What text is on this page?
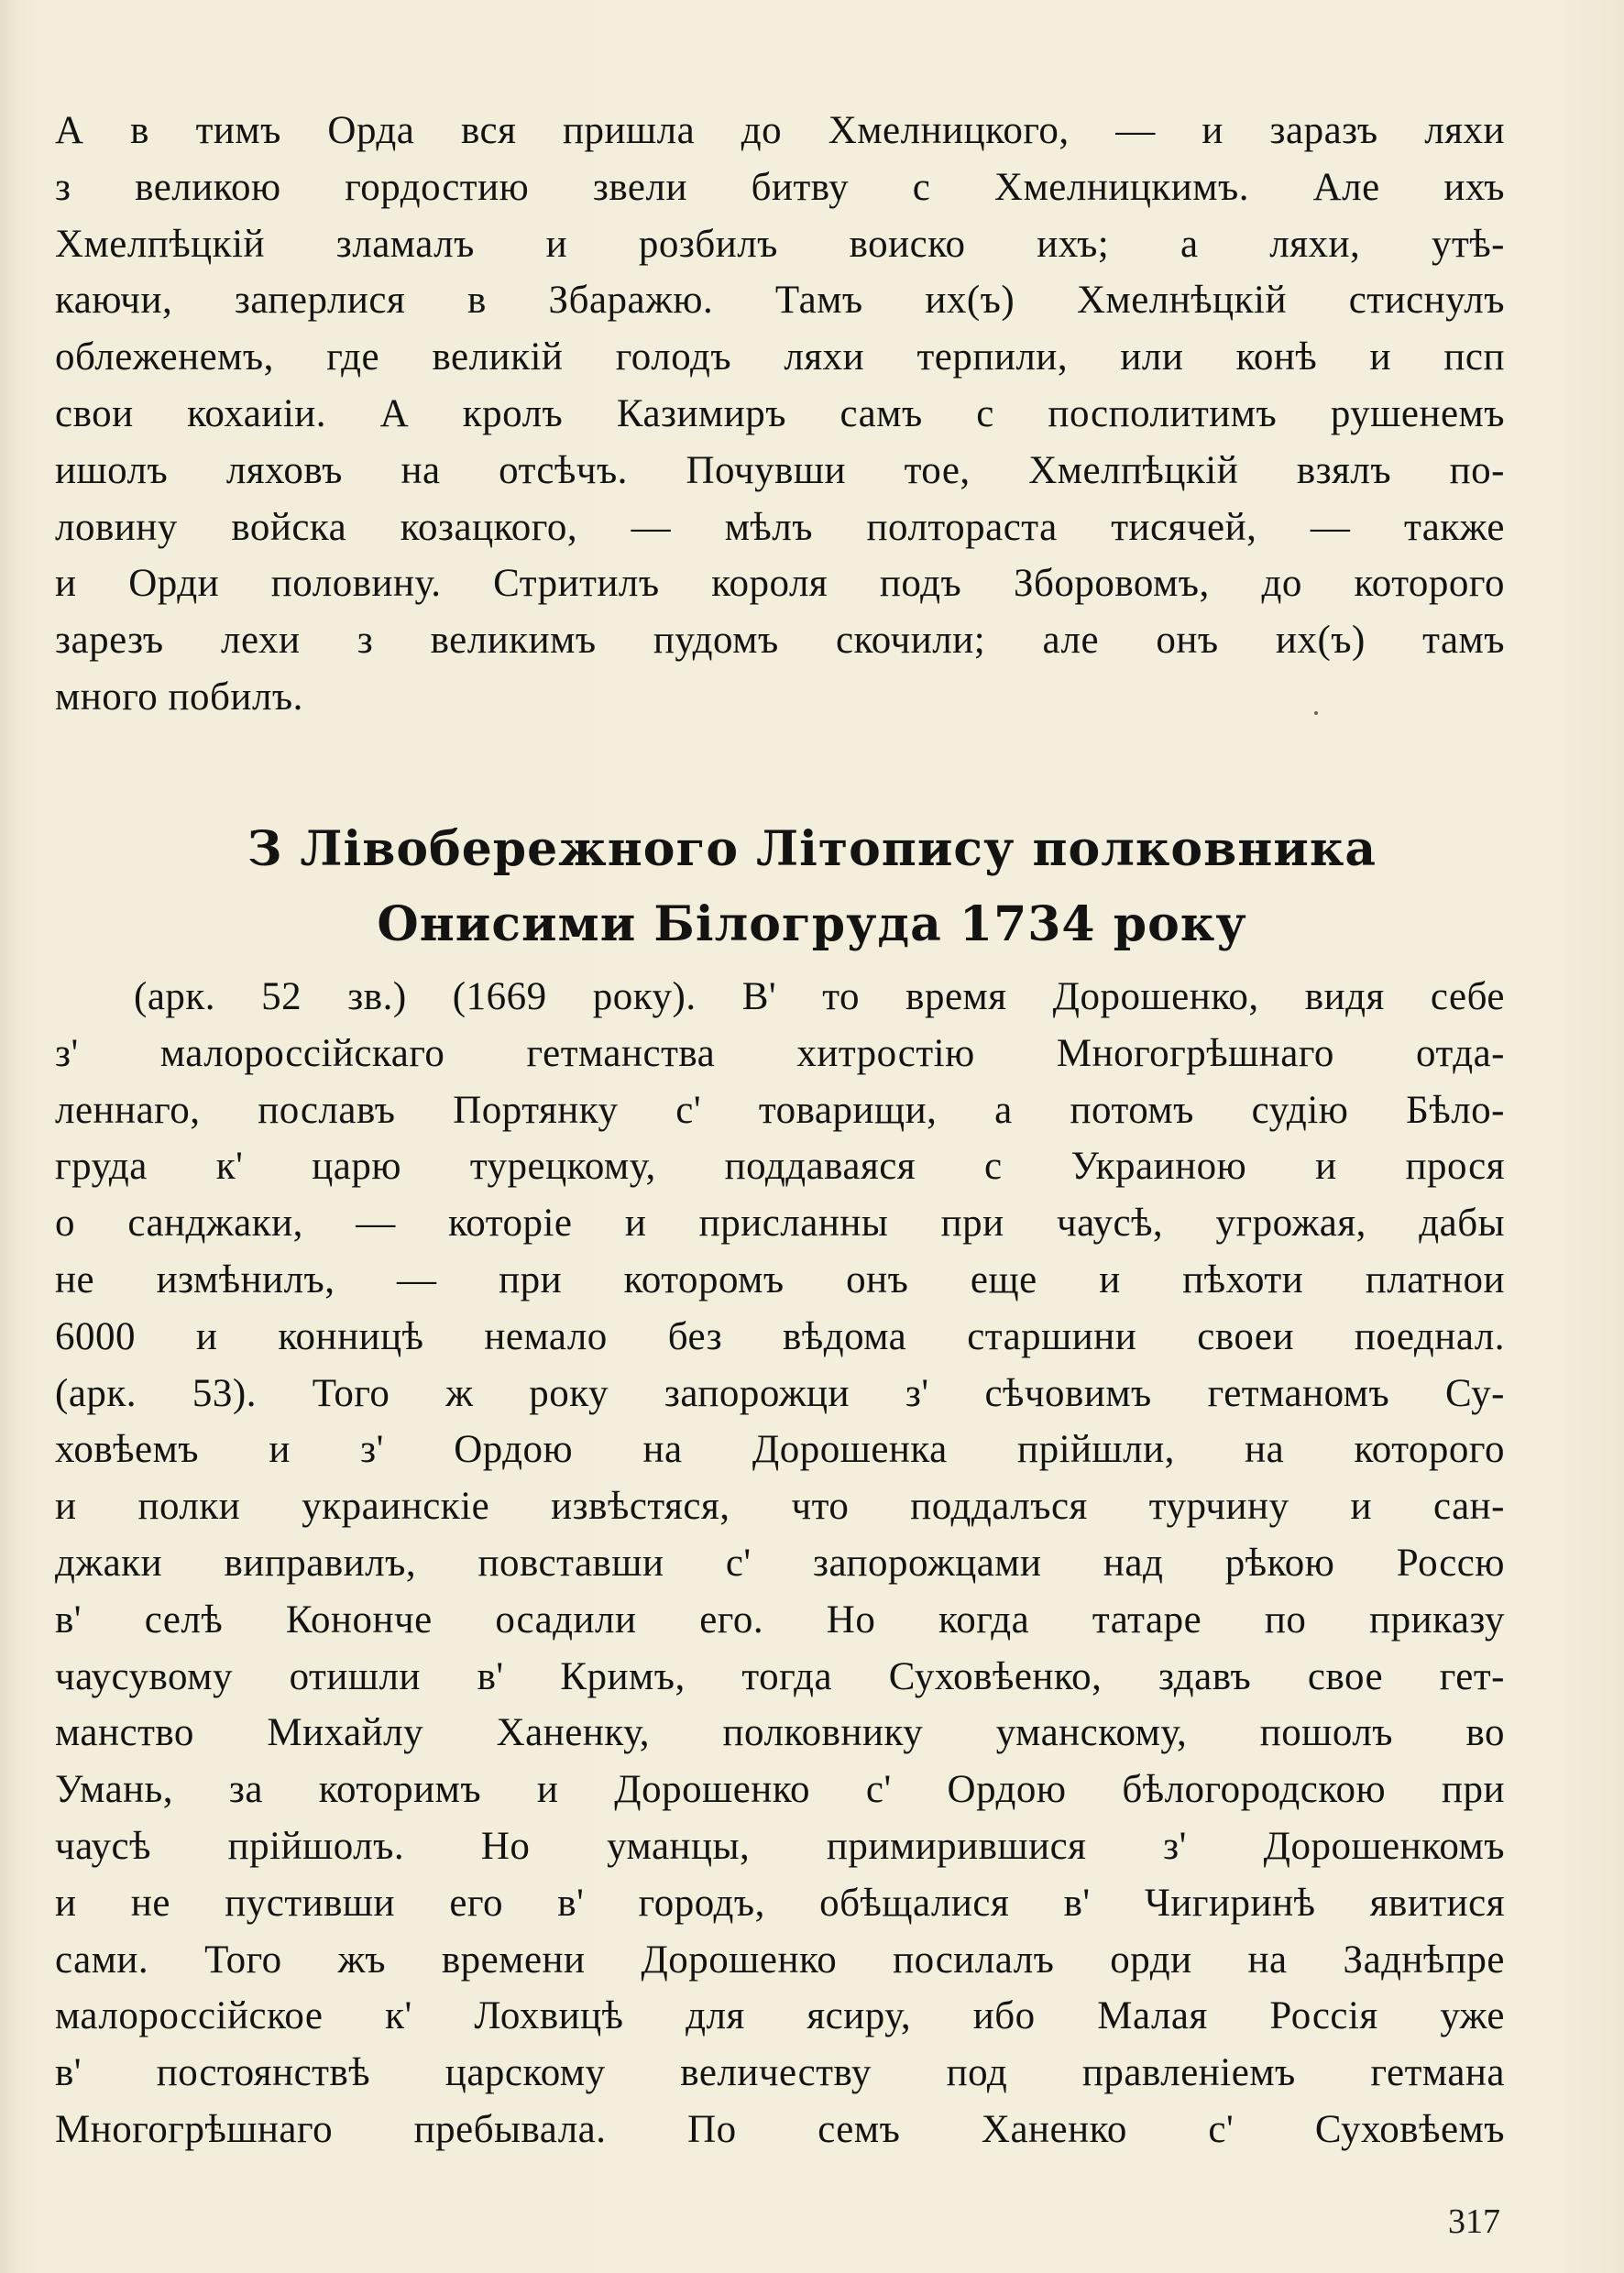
А в тимъ Орда вся пришла до Хмелницкого, — и заразъ ляхи
з великою гордостию звели битву с Хмелницкимъ. Але ихъ
Хмелпѣцкій зламалъ и розбилъ воиско ихъ; а ляхи, утѣ-
каючи, заперлися в Збаражю. Тамъ их(ъ) Хмелнѣцкій стиснулъ
облеженемъ, где великій голодъ ляхи терпили, или конѣ и псп
свои кохаиіи. А кролъ Казимиръ самъ с посполитимъ рушенемъ
ишолъ ляховъ на отсѣчъ. Почувши тое, Хмелпѣцкій взялъ по-
ловину войска козацкого, — мѣлъ полтораста тисячей, — также
и Орди половину. Стритилъ короля подъ Зборовомъ, до которого
зарезъ лехи з великимъ пудомъ скочили; але онъ их(ъ) тамъ
много побилъ.
З Лівобережного Літопису полковника
Онисими Білогруда 1734 року
(арк. 52 зв.) (1669 року). В' то время Дорошенко, видя себе
з' малороссійскаго гетманства хитростію Многогрѣшнаго отда-
леннаго, пославъ Портянку с' товарищи, а потомъ судію Бѣло-
груда к' царю турецкому, поддаваяся с Украиною и прося
о санджаки, — которіе и присланны при чаусѣ, угрожая, дабы
не измѣнилъ, — при которомъ онъ еще и пѣхоти платнои
6000 и конницѣ немало без вѣдома старшини своеи поеднал.
(арк. 53). Того ж року запорожци з' сѣчовимъ гетманомъ Су-
ховѣемъ и з' Ордою на Дорошенка прійшли, на которого
и полки украинскіе извѣстяся, что поддалъся турчину и сан-
джаки виправилъ, повставши с' запорожцами над рѣкою Россю
в' селѣ Кононче осадили его. Но когда татаре по приказу
чаусувому отишли в' Кримъ, тогда Суховѣенко, здавъ свое гет-
манство Михайлу Ханенку, полковнику уманскому, пошолъ во
Умань, за которимъ и Дорошенко с' Ордою бѣлогородскою при
чаусѣ прійшолъ. Но уманцы, примирившися з' Дорошенкомъ
и не пустивши его в' городъ, обѣщалися в' Чигиринѣ явитися
сами. Того жъ времени Дорошенко посилалъ орди на Заднѣпре
малороссійское к' Лохвицѣ для ясиру, ибо Малая Россія уже
в' постоянствѣ царскому величеству под правленіемъ гетмана
Многогрѣшнаго пребывала. По семъ Ханенко с' Суховѣемъ
317
